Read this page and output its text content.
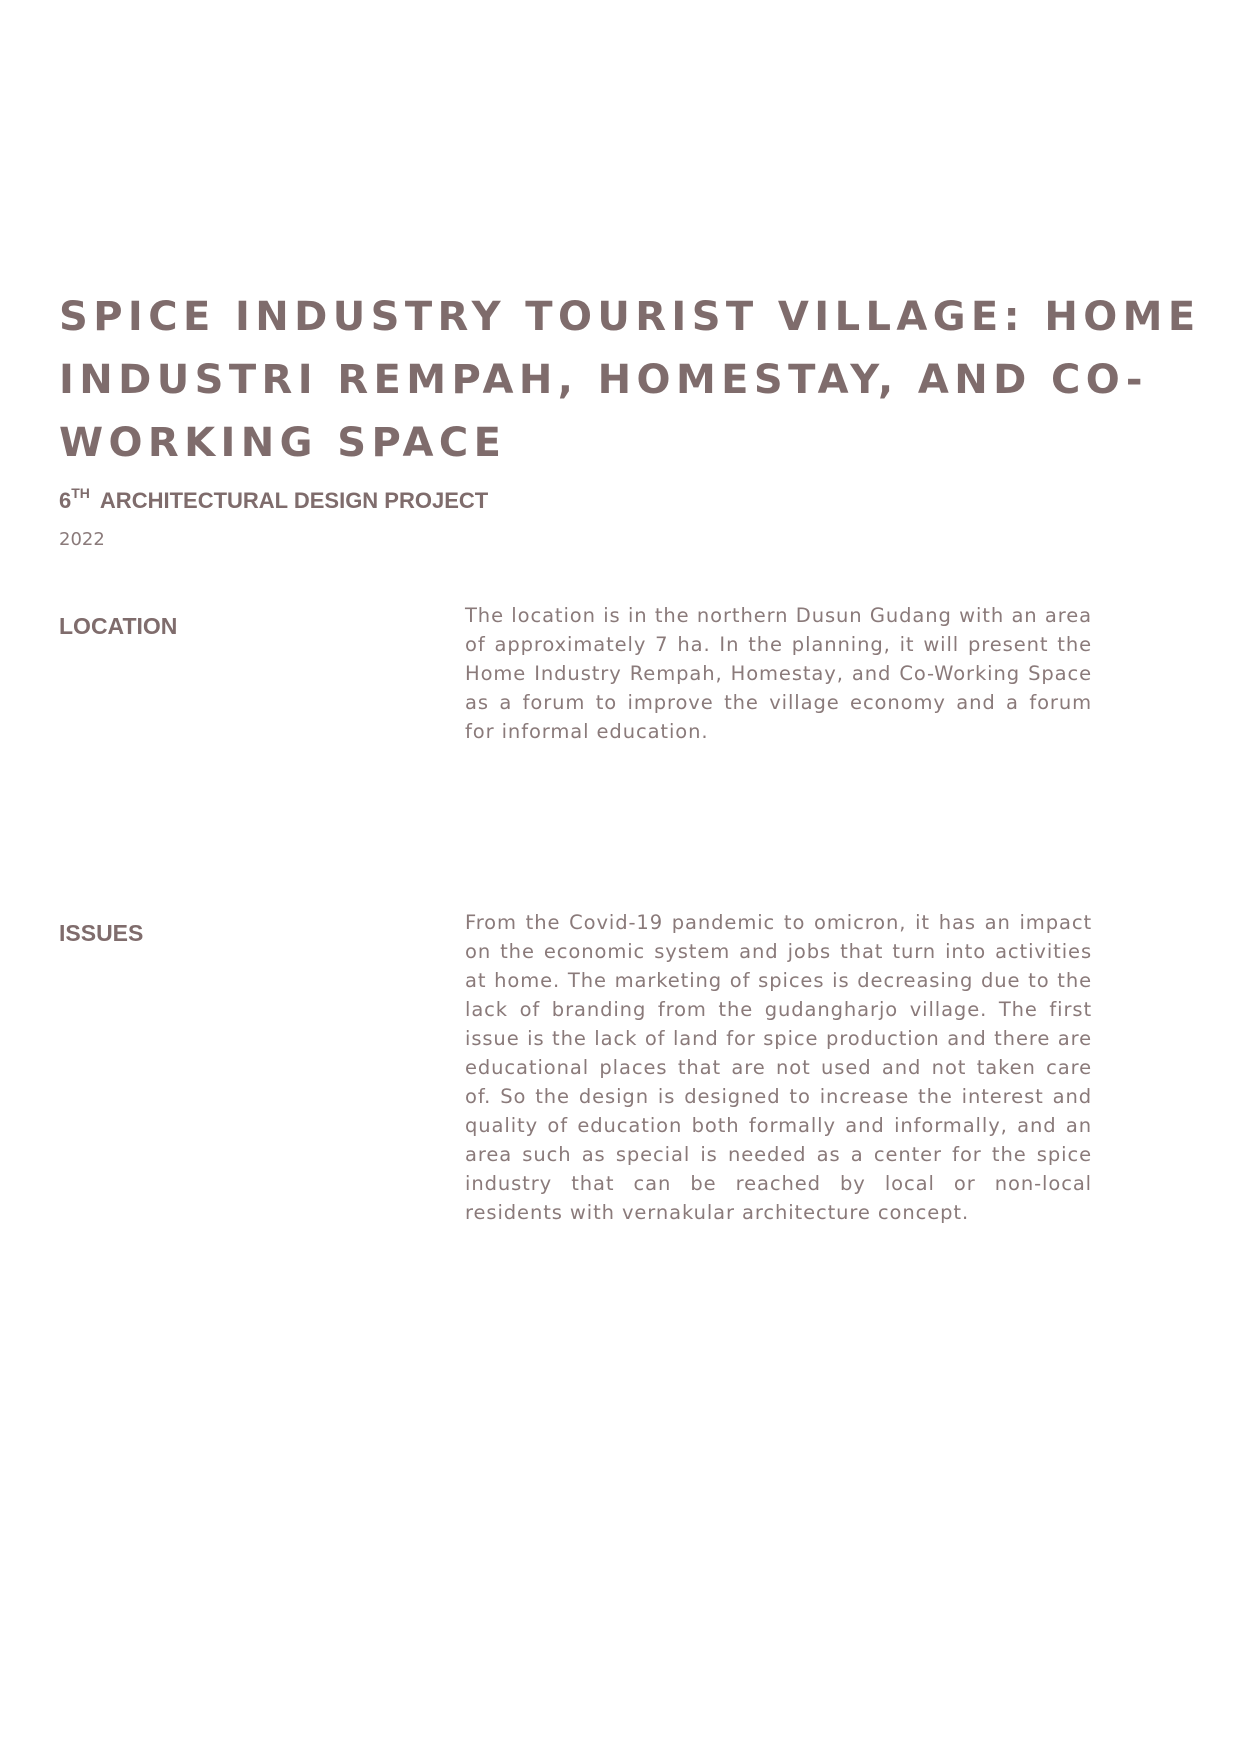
SPICE INDUSTRY TOURIST VILLAGE: HOME
INDUSTRI REMPAH, HOMESTAY, AND CO-
WORKING SPACE
6TH ARCHITECTURAL DESIGN PROJECT
2022
LOCATION	The location is in the northern Dusun Gudang with an area of approximately 7 ha. In the planning, it will present the Home Industry Rempah, Homestay, and Co-Working Space as a forum to improve the village economy and a forum for informal education.

ISSUES	From the Covid-19 pandemic to omicron, it has an impact on the economic system and jobs that turn into activities at home. The marketing of spices is decreasing due to the lack of branding from the gudangharjo village. The first issue is the lack of land for spice production and there are educational places that are not used and not taken care of. So the design is designed to increase the interest and quality of education both formally and informally, and an area such as special is needed as a center for the spice industry that can be reached by local or non-local residents with vernakular architecture concept.
